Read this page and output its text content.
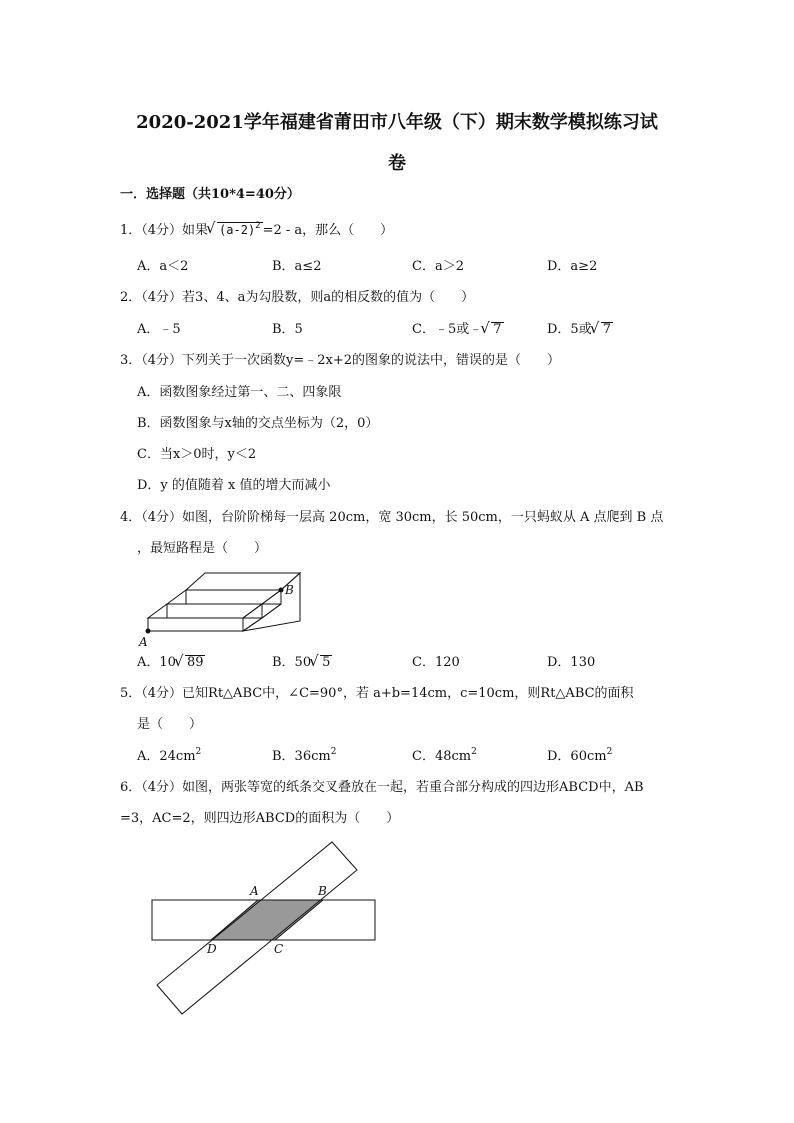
2020-2021学年福建省莆田市八年级（下）期末数学模拟练习试
卷
一．选择题（共10*4=40分）
1．（4分）如果 √ $(a-2)^2 =2 - a$，那么（　　）
A．a＜2	B．a≤2	C．a＞2	D．a≥2
2．（4分）若3、4、a为勾股数，则a的相反数的值为（　　）
A．﹣5	B．5	C．﹣5或﹣ √ 7	D．5或 √ 7
3．（4分）下列关于一次函数y=﹣2x+2的图象的说法中，错误的是（　　）
A．函数图象经过第一、二、四象限
B．函数图象与x轴的交点坐标为（2，0）
C．当x＞0时，y＜2
D．y 的值随着 x 值的增大而减小
4．（4分）如图，台阶阶梯每一层高 20cm，宽 30cm，长 50cm，一只蚂蚁从 A 点爬到 B 点
，最短路程是（　　）
A
B
A．10 √ 89	B．50 √ 5	C．120	D．130
5．（4分）已知Rt△ABC中，∠C=90°，若 a+b=14cm，c=10cm，则Rt△ABC的面积
是（　　）
A．$24cm^2$	B．$36cm^2$	C．$48cm^2$	D．$60cm^2$
6．（4分）如图，两张等宽的纸条交叉叠放在一起，若重合部分构成的四边形ABCD中，AB
=3，AC=2，则四边形ABCD的面积为（　　）
A	B
C
D
